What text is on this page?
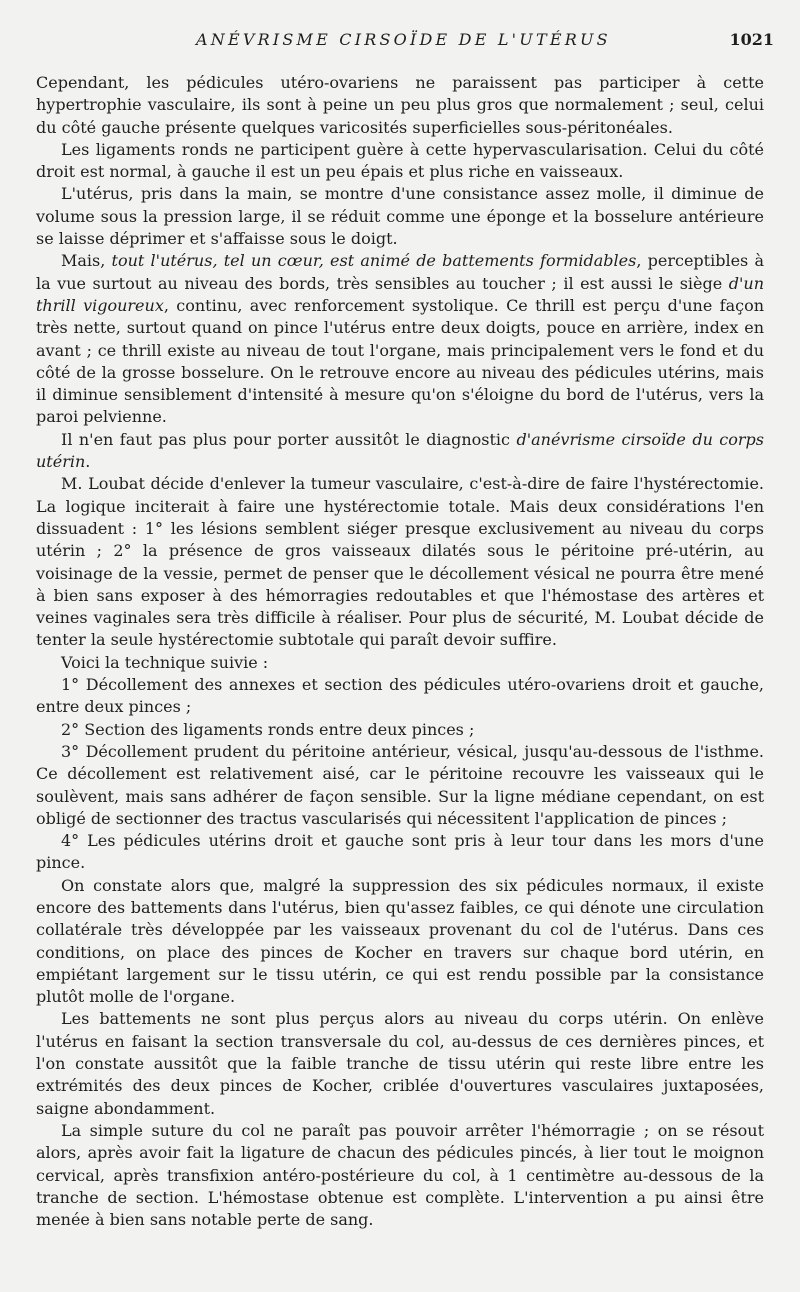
ANÉVRISME CIRSOÏDE DE L'UTÉRUS	1021

Cependant, les pédicules utéro-ovariens ne paraissent pas participer à cette hypertrophie vasculaire, ils sont à peine un peu plus gros que normalement ; seul, celui du côté gauche présente quelques varicosités superficielles sous-péritonéales.

Les ligaments ronds ne participent guère à cette hypervascularisation. Celui du côté droit est normal, à gauche il est un peu épais et plus riche en vaisseaux.

L'utérus, pris dans la main, se montre d'une consistance assez molle, il diminue de volume sous la pression large, il se réduit comme une éponge et la bosselure antérieure se laisse déprimer et s'affaisse sous le doigt.

Mais, tout l'utérus, tel un cœur, est animé de battements formidables, perceptibles à la vue surtout au niveau des bords, très sensibles au toucher ; il est aussi le siège d'un thrill vigoureux, continu, avec renforcement systolique. Ce thrill est perçu d'une façon très nette, surtout quand on pince l'utérus entre deux doigts, pouce en arrière, index en avant ; ce thrill existe au niveau de tout l'organe, mais principalement vers le fond et du côté de la grosse bosselure. On le retrouve encore au niveau des pédicules utérins, mais il diminue sensiblement d'intensité à mesure qu'on s'éloigne du bord de l'utérus, vers la paroi pelvienne.

Il n'en faut pas plus pour porter aussitôt le diagnostic d'anévrisme cirsoïde du corps utérin.

M. Loubat décide d'enlever la tumeur vasculaire, c'est-à-dire de faire l'hystérectomie. La logique inciterait à faire une hystérectomie totale. Mais deux considérations l'en dissuadent : 1° les lésions semblent siéger presque exclusivement au niveau du corps utérin ; 2° la présence de gros vaisseaux dilatés sous le péritoine pré-utérin, au voisinage de la vessie, permet de penser que le décollement vésical ne pourra être mené à bien sans exposer à des hémorragies redoutables et que l'hémostase des artères et veines vaginales sera très difficile à réaliser. Pour plus de sécurité, M. Loubat décide de tenter la seule hystérectomie subtotale qui paraît devoir suffire.

Voici la technique suivie :

1° Décollement des annexes et section des pédicules utéro-ovariens droit et gauche, entre deux pinces ;

2° Section des ligaments ronds entre deux pinces ;

3° Décollement prudent du péritoine antérieur, vésical, jusqu'au-dessous de l'isthme. Ce décollement est relativement aisé, car le péritoine recouvre les vaisseaux qui le soulèvent, mais sans adhérer de façon sensible. Sur la ligne médiane cependant, on est obligé de sectionner des tractus vascularisés qui nécessitent l'application de pinces ;

4° Les pédicules utérins droit et gauche sont pris à leur tour dans les mors d'une pince.

On constate alors que, malgré la suppression des six pédicules normaux, il existe encore des battements dans l'utérus, bien qu'assez faibles, ce qui dénote une circulation collatérale très développée par les vaisseaux provenant du col de l'utérus. Dans ces conditions, on place des pinces de Kocher en travers sur chaque bord utérin, en empiétant largement sur le tissu utérin, ce qui est rendu possible par la consistance plutôt molle de l'organe.

Les battements ne sont plus perçus alors au niveau du corps utérin. On enlève l'utérus en faisant la section transversale du col, au-dessus de ces dernières pinces, et l'on constate aussitôt que la faible tranche de tissu utérin qui reste libre entre les extrémités des deux pinces de Kocher, criblée d'ouvertures vasculaires juxtaposées, saigne abondamment.

La simple suture du col ne paraît pas pouvoir arrêter l'hémorragie ; on se résout alors, après avoir fait la ligature de chacun des pédicules pincés, à lier tout le moignon cervical, après transfixion antéro-postérieure du col, à 1 centimètre au-dessous de la tranche de section. L'hémostase obtenue est complète. L'intervention a pu ainsi être menée à bien sans notable perte de sang.
